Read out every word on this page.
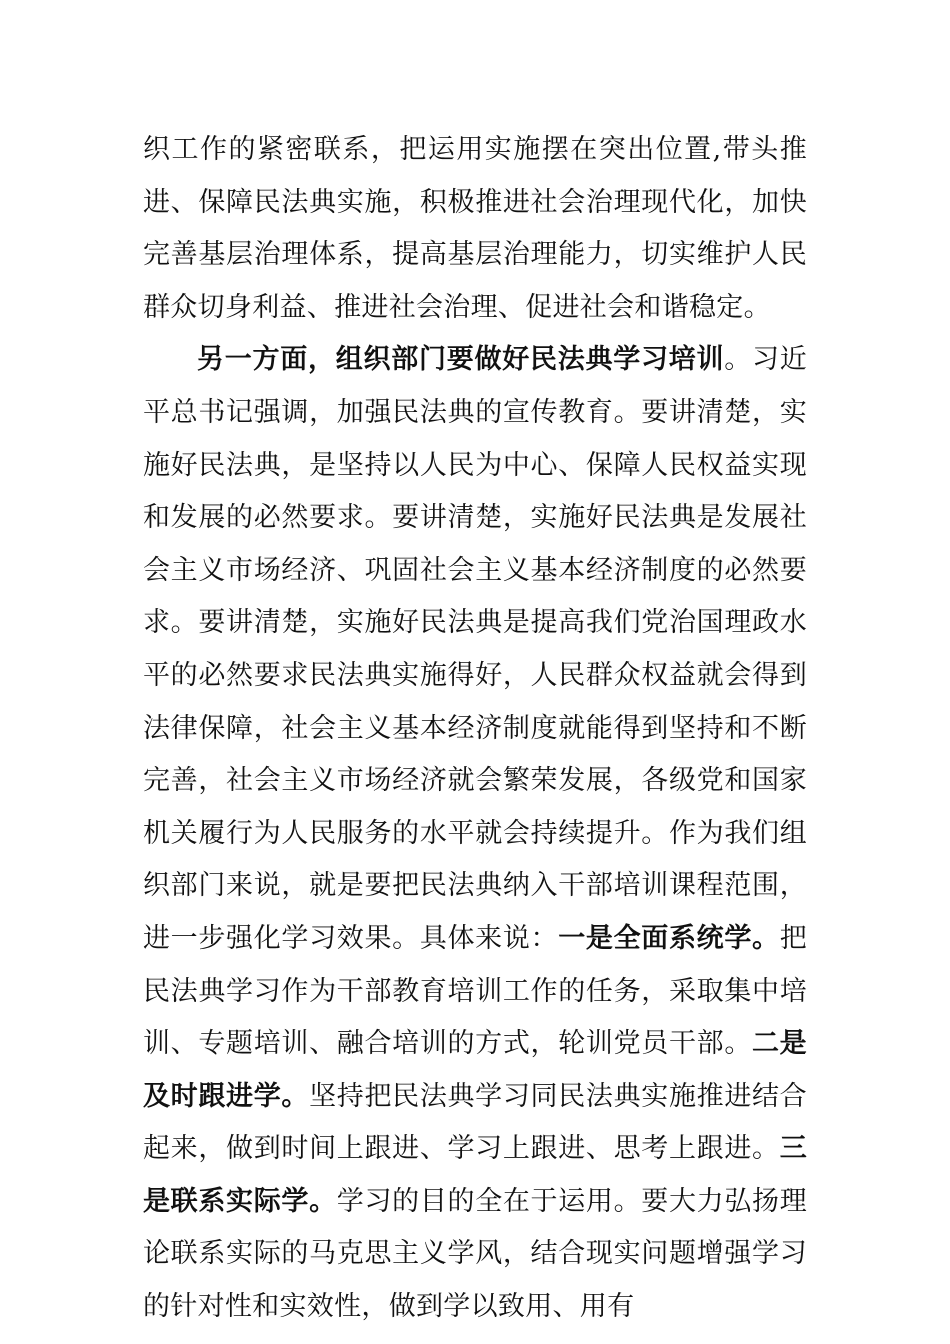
织工作的紧密联系，把运用实施摆在突出位置,带头推进、保障民法典实施，积极推进社会治理现代化，加快完善基层治理体系，提高基层治理能力，切实维护人民群众切身利益、推进社会治理、促进社会和谐稳定。

另一方面，组织部门要做好民法典学习培训。习近平总书记强调，加强民法典的宣传教育。要讲清楚，实施好民法典，是坚持以人民为中心、保障人民权益实现和发展的必然要求。要讲清楚，实施好民法典是发展社会主义市场经济、巩固社会主义基本经济制度的必然要求。要讲清楚，实施好民法典是提高我们党治国理政水平的必然要求民法典实施得好，人民群众权益就会得到法律保障，社会主义基本经济制度就能得到坚持和不断完善，社会主义市场经济就会繁荣发展，各级党和国家机关履行为人民服务的水平就会持续提升。作为我们组织部门来说，就是要把民法典纳入干部培训课程范围，进一步强化学习效果。具体来说：一是全面系统学。把民法典学习作为干部教育培训工作的任务，采取集中培训、专题培训、融合培训的方式，轮训党员干部。二是及时跟进学。坚持把民法典学习同民法典实施推进结合起来，做到时间上跟进、学习上跟进、思考上跟进。三是联系实际学。学习的目的全在于运用。要大力弘扬理论联系实际的马克思主义学风，结合现实问题增强学习的针对性和实效性，做到学以致用、用有
